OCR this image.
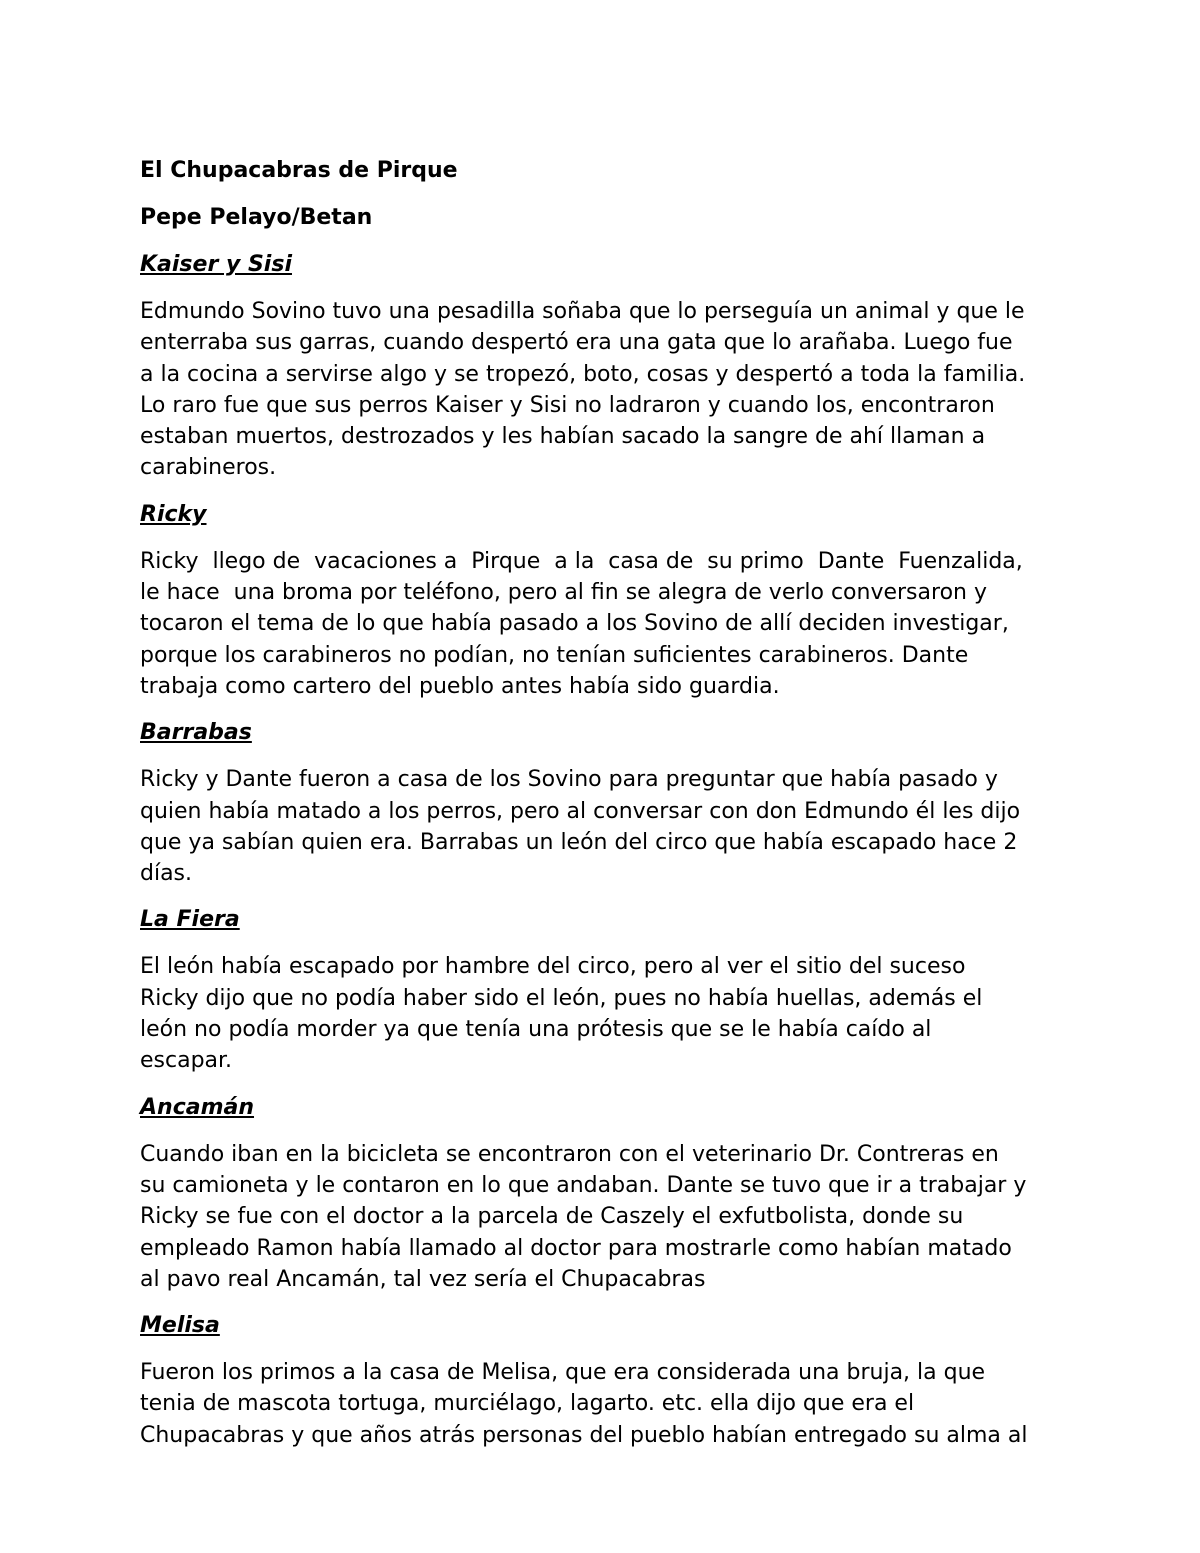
El Chupacabras de Pirque
Pepe Pelayo/Betan
Kaiser y Sisi
Edmundo Sovino tuvo una pesadilla soñaba que lo perseguía un animal y que le
enterraba sus garras, cuando despertó era una gata que lo arañaba. Luego fue
a la cocina a servirse algo y se tropezó, boto, cosas y despertó a toda la familia.
Lo raro fue que sus perros Kaiser y Sisi no ladraron y cuando los, encontraron
estaban muertos, destrozados y les habían sacado la sangre de ahí llaman a
carabineros.
Ricky
Ricky  llego de  vacaciones a  Pirque  a la  casa de  su primo  Dante  Fuenzalida,
le hace  una broma por teléfono, pero al fin se alegra de verlo conversaron y
tocaron el tema de lo que había pasado a los Sovino de allí deciden investigar,
porque los carabineros no podían, no tenían suficientes carabineros. Dante
trabaja como cartero del pueblo antes había sido guardia.
Barrabas
Ricky y Dante fueron a casa de los Sovino para preguntar que había pasado y
quien había matado a los perros, pero al conversar con don Edmundo él les dijo
que ya sabían quien era. Barrabas un león del circo que había escapado hace 2
días.
La Fiera
El león había escapado por hambre del circo, pero al ver el sitio del suceso
Ricky dijo que no podía haber sido el león, pues no había huellas, además el
león no podía morder ya que tenía una prótesis que se le había caído al
escapar.
Ancamán
Cuando iban en la bicicleta se encontraron con el veterinario Dr. Contreras en
su camioneta y le contaron en lo que andaban. Dante se tuvo que ir a trabajar y
Ricky se fue con el doctor a la parcela de Caszely el exfutbolista, donde su
empleado Ramon había llamado al doctor para mostrarle como habían matado
al pavo real Ancamán, tal vez sería el Chupacabras
Melisa
Fueron los primos a la casa de Melisa, que era considerada una bruja, la que
tenia de mascota tortuga, murciélago, lagarto. etc. ella dijo que era el
Chupacabras y que años atrás personas del pueblo habían entregado su alma al
